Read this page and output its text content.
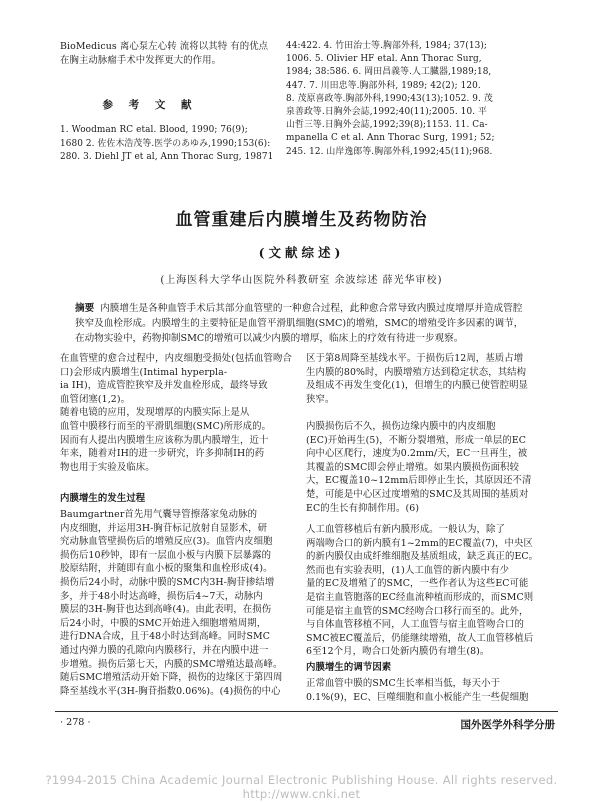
BioMedicus 离心泵左心转 流将以其特 有的优点
在胸主动脉瘤手术中发挥更大的作用。
参 考 文 献
1. Woodman RC etal. Blood, 1990; 76(9);
1680 2. 佐佐木浩茂等.医学のあゆみ,1990;153(6):
280. 3. Diehl JT et al, Ann Thorac Surg, 19871
44:422. 4. 竹田治士等.胸部外科, 1984; 37(13);
1006. 5. Olivier HF etal. Ann Thorac Surg,
1984; 38:586. 6. 岡田昌義等.人工臓器,1989;18,
447. 7. 川田忠等.胸部外科, 1989; 42(2); 120.
8. 茂原喜政等.胸部外科,1990;43(13);1052. 9. 茂
泉善政等.日胸外会誌,1992;40(11);2005. 10. 平
山哲三等.日胸外会誌,1992;39(8);1153. 11. Ca-
mpanella C et al. Ann Thorac Surg, 1991; 52;
245. 12. 山岸逸郎等.胸部外科,1992;45(11);968.
血管重建后内膜增生及药物防治
(文献综述)
(上海医科大学华山医院外科教研室 余波综述 薛光华审校)
摘要 内膜增生是各种血管手术后其部分血管壁的一种愈合过程，此种愈合常导致内膜过度增厚并造成管腔狭窄及血栓形成。内膜增生的主要特征是血管平滑肌细胞(SMC)的增殖，SMC的增殖受许多因素的调节，在动物实验中，药物抑制SMC的增殖可以减少内膜的增厚，临床上的疗效有待进一步观察。
在血管壁的愈合过程中，内皮细胞受损处(包括血管吻合口)会形成内膜增生(Intimal hyperpla-
ia IH)，造成管腔狭窄及并发血栓形成，最终导致
血管闭塞(1,2)。
随着电镜的应用，发现增厚的内膜实际上是从
血管中膜移行而至的平滑肌细胞(SMC)所形成的。
因而有人提出内膜增生应该称为肌内膜增生，近十
年来，随着对IH的进一步研究，许多抑制IH的药
物也用于实验及临床。
内膜增生的发生过程
Baumgartner首先用气囊导管擦落家兔动脉的
内皮细胞，并运用3H-胸苷标记放射自显影术，研
究动脉血管壁损伤后的增殖反应(3)。血管内皮细胞
损伤后10秒钟，即有一层血小板与内膜下层暴露的
胶原结附，并随即有血小板的聚集和血栓形成(4)。
损伤后24小时，动脉中膜的SMC内3H-胸苷掺结增
多，并于48小时达高峰，损伤后4~7天，动脉内
膜层的3H-胸苷也达到高峰(4)。由此表明，在损伤
后24小时，中膜的SMC开始进入细胞增殖周期，
进行DNA合成，且于48小时达到高峰。同时SMC
通过内弹力膜的孔隙向内膜移行，并在内膜中进一
步增殖。损伤后第七天，内膜的SMC增殖达最高峰。
随后SMC增殖活动开始下降，损伤的边缘区于第四周
降至基线水平(3H-胸苷指数0.06%)。(4)损伤的中心
区于第8周降至基线水平。于损伤后12周，基质占增
生内膜的80%时，内膜增殖方达到稳定状态，其结构
及组成不再发生变化(1)，但增生的内膜已使管腔明显
狭窄。
内膜损伤后不久，损伤边缘内膜中的内皮细胞
(EC)开始再生(5)，不断分裂增殖，形成一单层的EC
向中心区爬行，速度为0.2mm/天，EC一旦再生，被
其覆盖的SMC即会停止增殖。如果内膜损伤面积较
大，EC覆盖10~12mm后即停止生长，其原因还不清
楚，可能是中心区过度增殖的SMC及其周围的基质对
EC的生长有抑制作用。(6)
人工血管移植后有新内膜形成。一般认为，除了
两端吻合口的新内膜有1~2mm的EC覆盖(7)，中央区
的新内膜仅由成纤维细胞及基质组成，缺乏真正的EC。
然而也有实验表明，(1)人工血管的新内膜中有少
量的EC及增殖了的SMC，一些作者认为这些EC可能
是宿主血管胞落的EC经血流种植而形成的，而SMC则
可能是宿主血管的SMC经吻合口移行而至的。此外，
与自体血管移植不同，人工血管与宿主血管吻合口的
SMC被EC覆盖后，仍能继续增殖，故人工血管移植后
6至12个月，吻合口处新内膜仍有增生(8)。
内膜增生的调节因素
正常血管中膜的SMC生长率相当低，每天小于
0.1%(9)，EC、巨噬细胞和血小板能产生一些促细胞
· 278 ·	国外医学外科学分册
?1994-2015 China Academic Journal Electronic Publishing House. All rights reserved. http://www.cnki.net
